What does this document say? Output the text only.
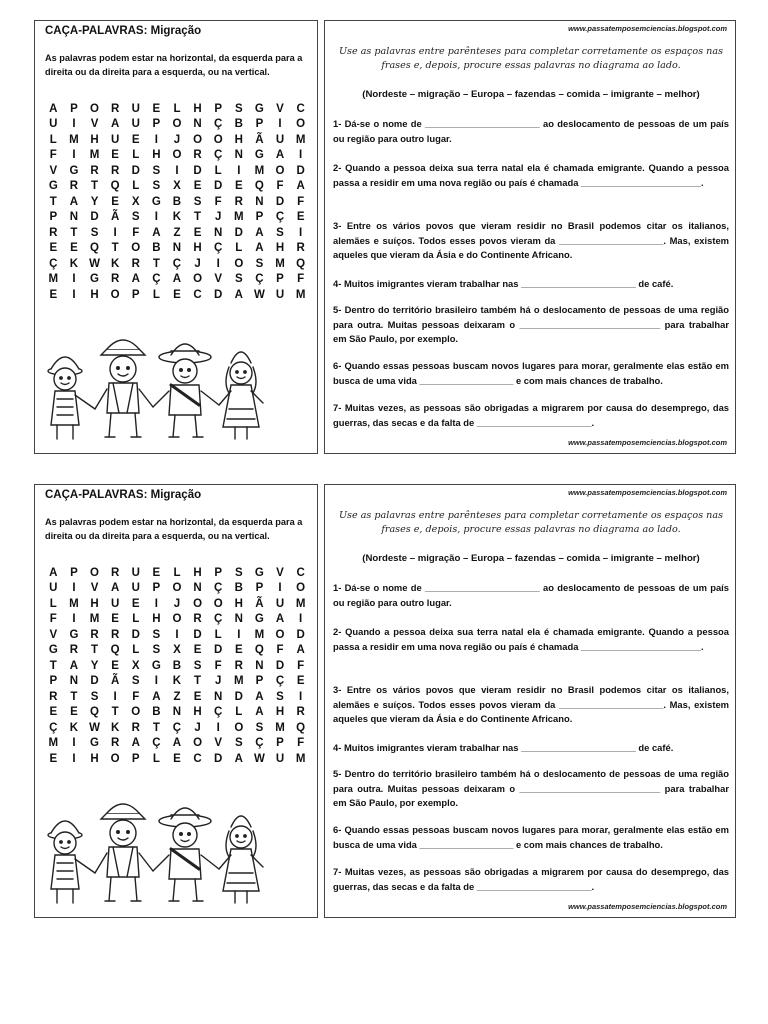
CAÇA-PALAVRAS: Migração
As palavras podem estar na horizontal, da esquerda para a direita ou da direita para a esquerda, ou na vertical.
A	P	O	R	U	E	L	H	P	S	G	V	C
U	I	V	A	U	P	O	N	Ç	B	P	I	O
L	M	H	U	E	I	J	O	O	H	Ã	U	M
F	I	M	E	L	H	O	R	Ç	N	G	A	I
V	G	R	R	D	S	I	D	L	I	M	O	D
G	R	T	Q	L	S	X	E	D	E	Q	F	A
T	A	Y	E	X	G	B	S	F	R	N	D	F
P	N	D	Ã	S	I	K	T	J	M	P	Ç	E
R	T	S	I	F	A	Z	E	N	D	A	S	I
E	E	Q	T	O	B	N	H	Ç	L	A	H	R
Ç	K	W	K	R	T	Ç	J	I	O	S	M	Q
M	I	G	R	A	Ç	A	O	V	S	Ç	P	F
E	I	H	O	P	L	E	C	D	A	W	U	M
www.passatemposemciencias.blogspot.com
Use as palavras entre parênteses para completar corretamente os espaços nas frases e, depois, procure essas palavras no diagrama ao lado.
(Nordeste – migração – Europa – fazendas – comida – imigrante – melhor)
1- Dá-se o nome de ______________________ ao deslocamento de pessoas de um país ou região para outro lugar.
2- Quando a pessoa deixa sua terra natal ela é chamada emigrante. Quando a pessoa passa a residir em uma nova região ou país é chamada _______________________.
3- Entre os vários povos que vieram residir no Brasil podemos citar os italianos, alemães e suíços. Todos esses povos vieram da ____________________. Mas, existem aqueles que vieram da Ásia e do Continente Africano.
4- Muitos imigrantes vieram trabalhar nas ______________________ de café.
5- Dentro do território brasileiro também há o deslocamento de pessoas de uma região para outra. Muitas pessoas deixaram o ___________________________ para trabalhar em São Paulo, por exemplo.
6- Quando essas pessoas buscam novos lugares para morar, geralmente elas estão em busca de uma vida __________________ e com mais chances de trabalho.
7- Muitas vezes, as pessoas são obrigadas a migrarem por causa do desemprego, das guerras, das secas e da falta de ______________________.
www.passatemposemciencias.blogspot.com
CAÇA-PALAVRAS: Migração
As palavras podem estar na horizontal, da esquerda para a direita ou da direita para a esquerda, ou na vertical.
A	P	O	R	U	E	L	H	P	S	G	V	C
U	I	V	A	U	P	O	N	Ç	B	P	I	O
L	M	H	U	E	I	J	O	O	H	Ã	U	M
F	I	M	E	L	H	O	R	Ç	N	G	A	I
V	G	R	R	D	S	I	D	L	I	M	O	D
G	R	T	Q	L	S	X	E	D	E	Q	F	A
T	A	Y	E	X	G	B	S	F	R	N	D	F
P	N	D	Ã	S	I	K	T	J	M	P	Ç	E
R	T	S	I	F	A	Z	E	N	D	A	S	I
E	E	Q	T	O	B	N	H	Ç	L	A	H	R
Ç	K	W	K	R	T	Ç	J	I	O	S	M	Q
M	I	G	R	A	Ç	A	O	V	S	Ç	P	F
E	I	H	O	P	L	E	C	D	A	W	U	M
www.passatemposemciencias.blogspot.com
Use as palavras entre parênteses para completar corretamente os espaços nas frases e, depois, procure essas palavras no diagrama ao lado.
(Nordeste – migração – Europa – fazendas – comida – imigrante – melhor)
1- Dá-se o nome de ______________________ ao deslocamento de pessoas de um país ou região para outro lugar.
2- Quando a pessoa deixa sua terra natal ela é chamada emigrante. Quando a pessoa passa a residir em uma nova região ou país é chamada _______________________.
3- Entre os vários povos que vieram residir no Brasil podemos citar os italianos, alemães e suíços. Todos esses povos vieram da ____________________. Mas, existem aqueles que vieram da Ásia e do Continente Africano.
4- Muitos imigrantes vieram trabalhar nas ______________________ de café.
5- Dentro do território brasileiro também há o deslocamento de pessoas de uma região para outra. Muitas pessoas deixaram o ___________________________ para trabalhar em São Paulo, por exemplo.
6- Quando essas pessoas buscam novos lugares para morar, geralmente elas estão em busca de uma vida __________________ e com mais chances de trabalho.
7- Muitas vezes, as pessoas são obrigadas a migrarem por causa do desemprego, das guerras, das secas e da falta de ______________________.
www.passatemposemciencias.blogspot.com
